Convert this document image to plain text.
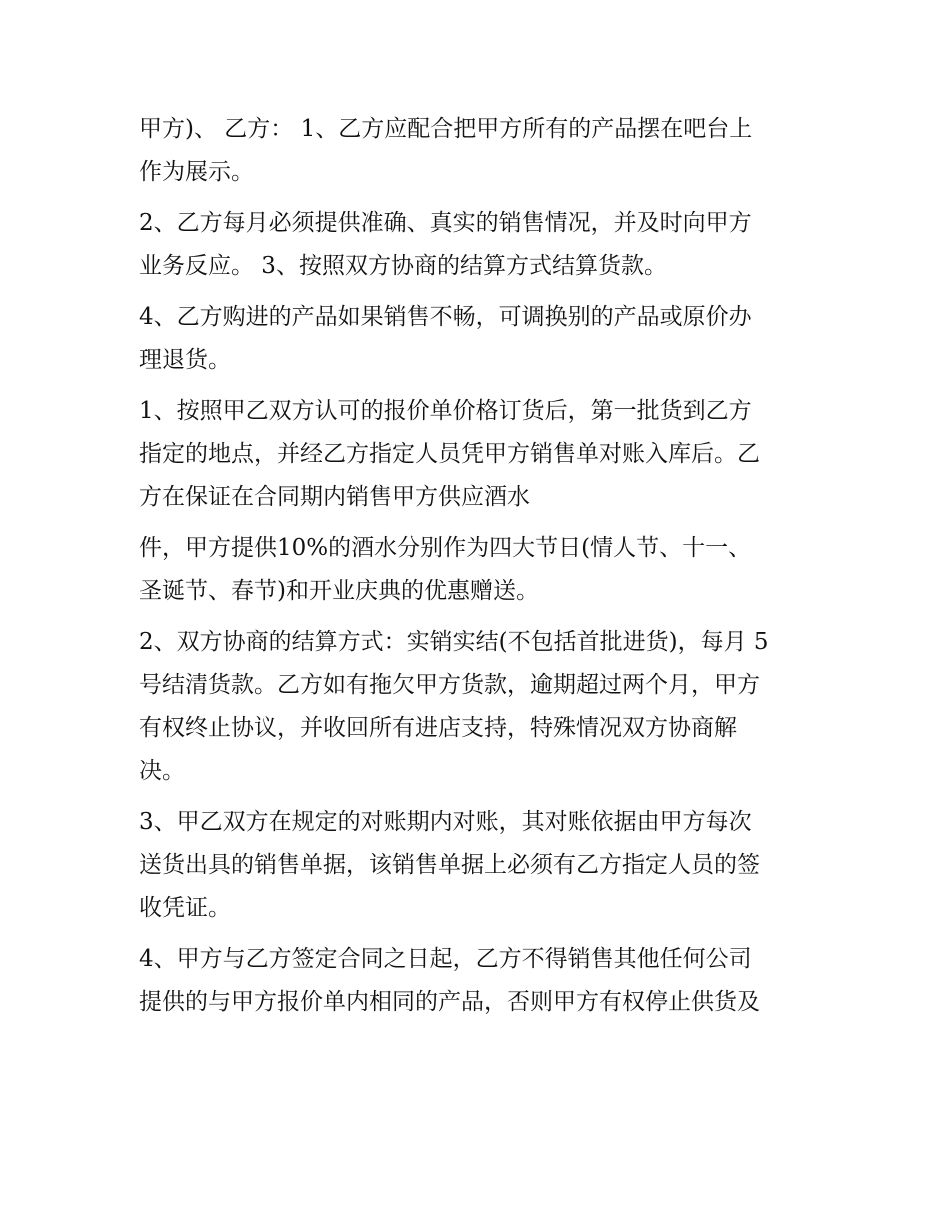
甲方)、 乙方： 1、乙方应配合把甲方所有的产品摆在吧台上
作为展示。
2、乙方每月必须提供准确、真实的销售情况，并及时向甲方
业务反应。 3、按照双方协商的结算方式结算货款。
4、乙方购进的产品如果销售不畅，可调换别的产品或原价办
理退货。
1、按照甲乙双方认可的报价单价格订货后，第一批货到乙方
指定的地点，并经乙方指定人员凭甲方销售单对账入库后。乙
方在保证在合同期内销售甲方供应酒水
件，甲方提供10%的酒水分别作为四大节日(情人节、十一、
圣诞节、春节)和开业庆典的优惠赠送。
2、双方协商的结算方式：实销实结(不包括首批进货)，每月 5
号结清货款。乙方如有拖欠甲方货款，逾期超过两个月，甲方
有权终止协议，并收回所有进店支持，特殊情况双方协商解
决。
3、甲乙双方在规定的对账期内对账，其对账依据由甲方每次
送货出具的销售单据，该销售单据上必须有乙方指定人员的签
收凭证。
4、甲方与乙方签定合同之日起，乙方不得销售其他任何公司
提供的与甲方报价单内相同的产品，否则甲方有权停止供货及
